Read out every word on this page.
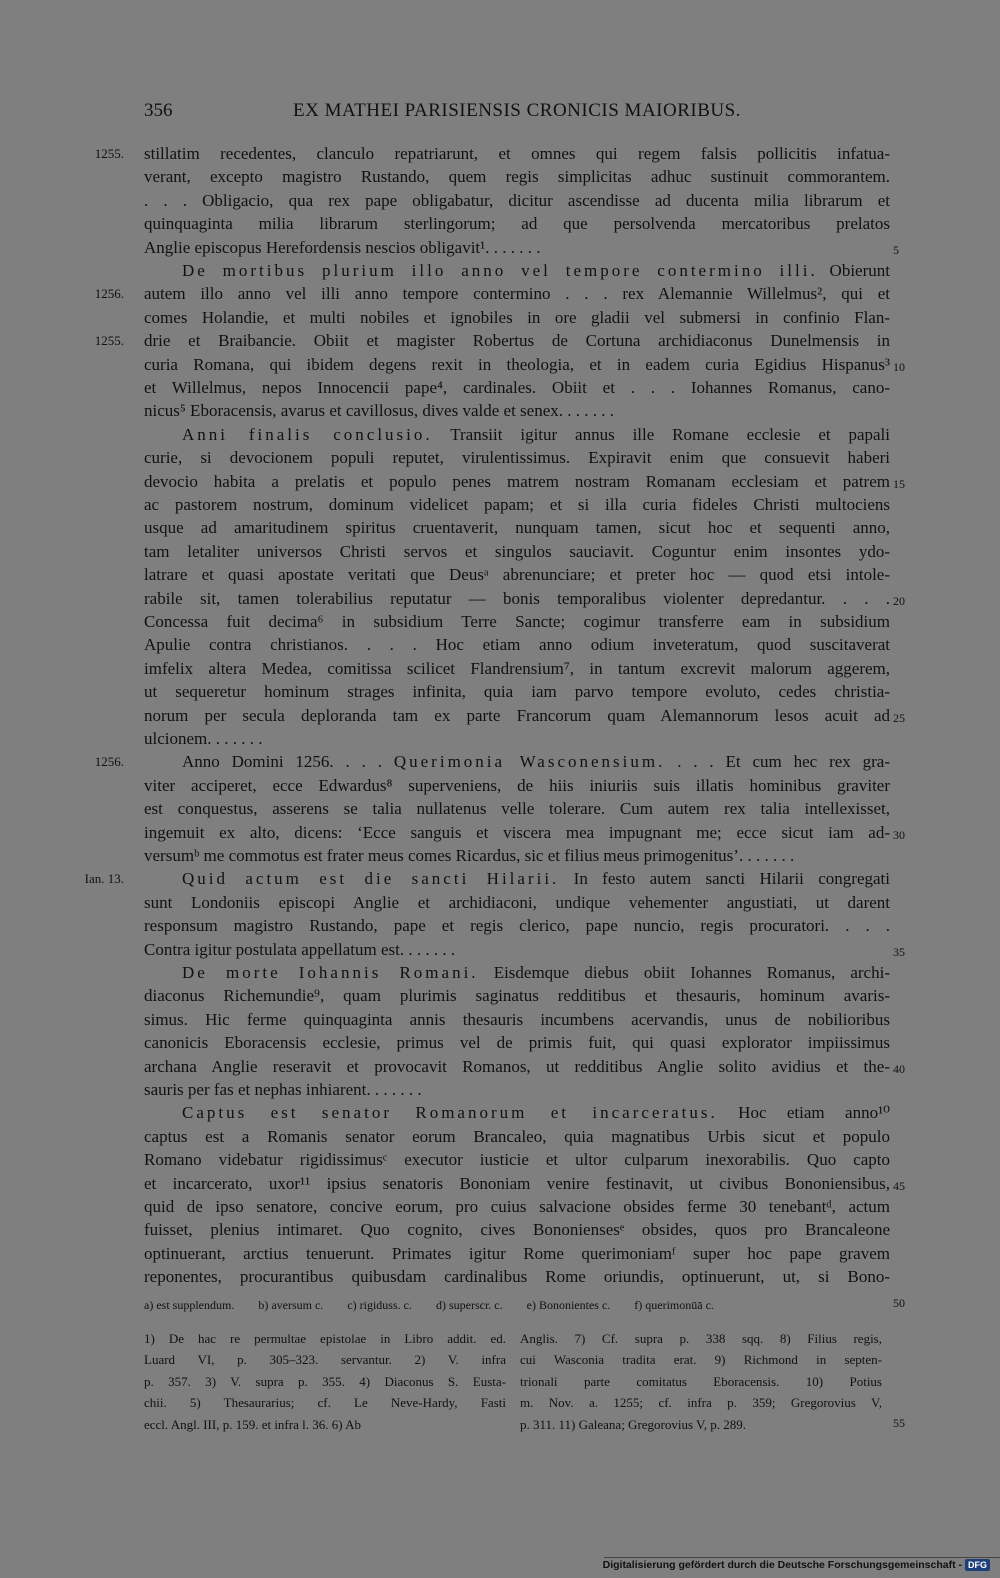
356	EX MATHEI PARISIENSIS CRONICIS MAIORIBUS.
stillatim recedentes, clanculo repatriarunt, et omnes qui regem falsis pollicitis infatua-
1255.
verant, excepto magistro Rustando, quem regis simplicitas adhuc sustinuit commorantem.
. . . Obligacio, qua rex pape obligabatur, dicitur ascendisse ad ducenta milia librarum et
quinquaginta milia librarum sterlingorum; ad que persolvenda mercatoribus prelatos
Anglie episcopus Herefordensis nescios obligavit¹. . . . . . .	5
De mortibus plurium illo anno vel tempore contermino illi. Obierunt
autem illo anno vel illi anno tempore contermino . . . rex Alemannie Willelmus², qui et
1256.
comes Holandie, et multi nobiles et ignobiles in ore gladii vel submersi in confinio Flan-
drie et Braibancie. Obiit et magister Robertus de Cortuna archidiaconus Dunelmensis in
1255.
curia Romana, qui ibidem degens rexit in theologia, et in eadem curia Egidius Hispanus³ 10
et Willelmus, nepos Innocencii pape⁴, cardinales. Obiit et . . . Iohannes Romanus, cano-
nicus⁵ Eboracensis, avarus et cavillosus, dives valde et senex. . . . . . .
Anni finalis conclusio. Transiit igitur annus ille Romane ecclesie et papali
curie, si devocionem populi reputet, virulentissimus. Expiravit enim que consuevit haberi
devocio habita a prelatis et populo penes matrem nostram Romanam ecclesiam et patrem 15
ac pastorem nostrum, dominum videlicet papam; et si illa curia fideles Christi multociens
usque ad amaritudinem spiritus cruentaverit, nunquam tamen, sicut hoc et sequenti anno,
tam letaliter universos Christi servos et singulos sauciavit. Coguntur enim insontes ydo-
latrare et quasi apostate veritati que Deusᵃ abrenunciare; et preter hoc — quod etsi intole-
rabile sit, tamen tolerabilius reputatur — bonis temporalibus violenter depredantur. . . . 20
Concessa fuit decima⁶ in subsidium Terre Sancte; cogimur transferre eam in subsidium
Apulie contra christianos. . . . Hoc etiam anno odium inveteratum, quod suscitaverat
imfelix altera Medea, comitissa scilicet Flandrensium⁷, in tantum excrevit malorum aggerem,
ut sequeretur hominum strages infinita, quia iam parvo tempore evoluto, cedes christia-
norum per secula deploranda tam ex parte Francorum quam Alemannorum lesos acuit ad 25
ulcionem. . . . . . .
Anno Domini 1256. . . . Querimonia Wasconensium. . . . Et cum hec rex gra-
1256.
viter acciperet, ecce Edwardus⁸ superveniens, de hiis iniuriis suis illatis hominibus graviter
est conquestus, asserens se talia nullatenus velle tolerare. Cum autem rex talia intellexisset,
ingemuit ex alto, dicens: ‘Ecce sanguis et viscera mea impugnant me; ecce sicut iam ad- 30
versumᵇ me commotus est frater meus comes Ricardus, sic et filius meus primogenitus’. . . . . . .
Quid actum est die sancti Hilarii. In festo autem sancti Hilarii congregati
Ian. 13.
sunt Londoniis episcopi Anglie et archidiaconi, undique vehementer angustiati, ut darent
responsum magistro Rustando, pape et regis clerico, pape nuncio, regis procuratori. . . .
Contra igitur postulata appellatum est. . . . . . .	35
De morte Iohannis Romani. Eisdemque diebus obiit Iohannes Romanus, archi-
diaconus Richemundie⁹, quam plurimis saginatus redditibus et thesauris, hominum avaris-
simus. Hic ferme quinquaginta annis thesauris incumbens acervandis, unus de nobilioribus
canonicis Eboracensis ecclesie, primus vel de primis fuit, qui quasi explorator impiissimus
archana Anglie reseravit et provocavit Romanos, ut redditibus Anglie solito avidius et the- 40
sauris per fas et nephas inhiarent. . . . . . .
Captus est senator Romanorum et incarceratus. Hoc etiam anno¹⁰
captus est a Romanis senator eorum Brancaleo, quia magnatibus Urbis sicut et populo
Romano videbatur rigidissimusᶜ executor iusticie et ultor culparum inexorabilis. Quo capto
et incarcerato, uxor¹¹ ipsius senatoris Bononiam venire festinavit, ut civibus Bononiensibus, 45
quid de ipso senatore, concive eorum, pro cuius salvacione obsides ferme 30 tenebantᵈ, actum
fuisset, plenius intimaret. Quo cognito, cives Bononiensesᵉ obsides, quos pro Brancaleone
optinuerant, arctius tenuerunt. Primates igitur Rome querimoniamᶠ super hoc pape gravem
reponentes, procurantibus quibusdam cardinalibus Rome oriundis, optinuerunt, ut, si Bono-
a) est supplendum. b) aversum c. c) rigiduss. c. d) superscr. c. e) Bononientes c. f) querimonūā c.	50
1) De hac re permultae epistolae in Libro addit. ed.
Luard VI, p. 305–323. servantur. 2) V. infra
p. 357. 3) V. supra p. 355. 4) Diaconus S. Eusta-
chii. 5) Thesaurarius; cf. Le Neve-Hardy, Fasti
eccl. Angl. III, p. 159. et infra l. 36. 6) Ab
Anglis. 7) Cf. supra p. 338 sqq. 8) Filius regis,
cui Wasconia tradita erat. 9) Richmond in septen-
trionali parte comitatus Eboracensis. 10) Potius
m. Nov. a. 1255; cf. infra p. 359; Gregorovius V,
p. 311. 11) Galeana; Gregorovius V, p. 289.	55
Digitalisierung gefördert durch die Deutsche Forschungsgemeinschaft - DFG
